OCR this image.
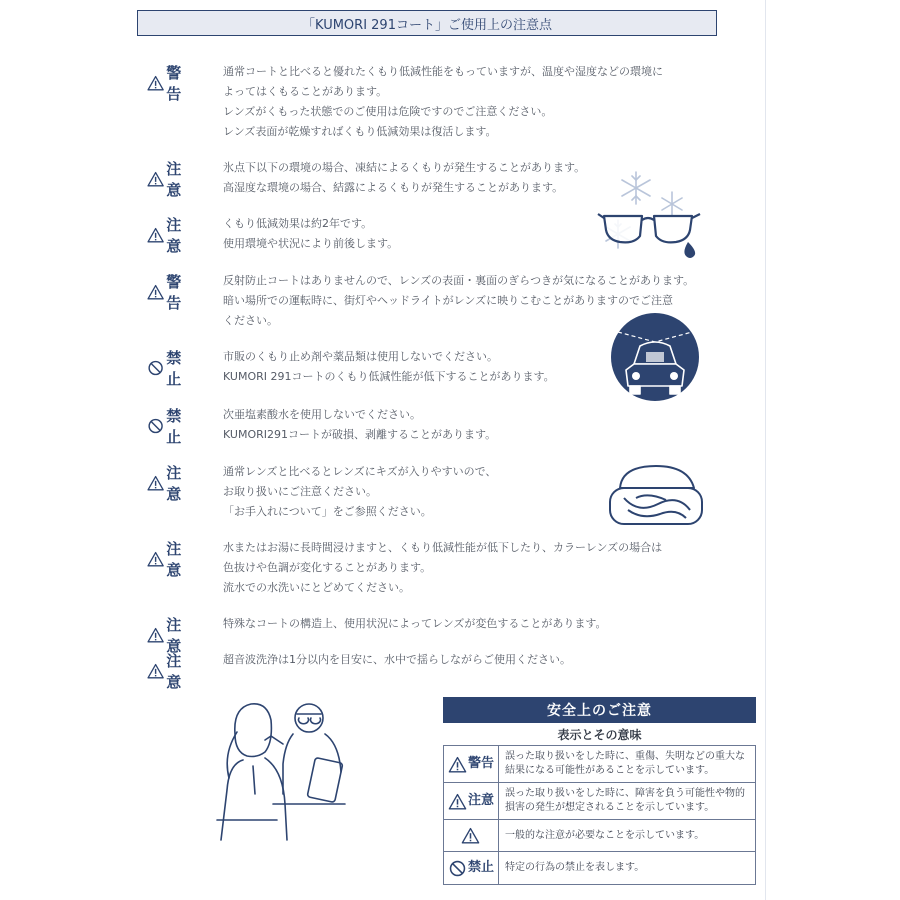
「KUMORI 291コート」ご使用上の注意点
警告
通常コートと比べると優れたくもり低減性能をもっていますが、温度や湿度などの環境に
よってはくもることがあります。
レンズがくもった状態でのご使用は危険ですのでご注意ください。
レンズ表面が乾燥すればくもり低減効果は復活します。
注意
氷点下以下の環境の場合、凍結によるくもりが発生することがあります。
高湿度な環境の場合、結露によるくもりが発生することがあります。
注意
くもり低減効果は約2年です。
使用環境や状況により前後します。
警告
反射防止コートはありませんので、レンズの表面・裏面のぎらつきが気になることがあります。
暗い場所での運転時に、街灯やヘッドライトがレンズに映りこむことがありますのでご注意
ください。
禁止
市販のくもり止め剤や薬品類は使用しないでください。
KUMORI 291コートのくもり低減性能が低下することがあります。
禁止
次亜塩素酸水を使用しないでください。
KUMORI291コートが破損、剥離することがあります。
注意
通常レンズと比べるとレンズにキズが入りやすいので、
お取り扱いにご注意ください。
「お手入れについて」をご参照ください。
注意
水またはお湯に長時間浸けますと、くもり低減性能が低下したり、カラーレンズの場合は
色抜けや色調が変化することがあります。
流水での水洗いにとどめてください。
注意
特殊なコートの構造上、使用状況によってレンズが変色することがあります。
注意
超音波洗浄は1分以内を目安に、水中で揺らしながらご使用ください。
安全上のご注意
表示とその意味
警告	誤った取り扱いをした時に、重傷、失明などの重大な
結果になる可能性があることを示しています。

注意	誤った取り扱いをした時に、障害を負う可能性や物的
損害の発生が想定されることを示しています。

一般的な注意が必要なことを示しています。

禁止	特定の行為の禁止を表します。
